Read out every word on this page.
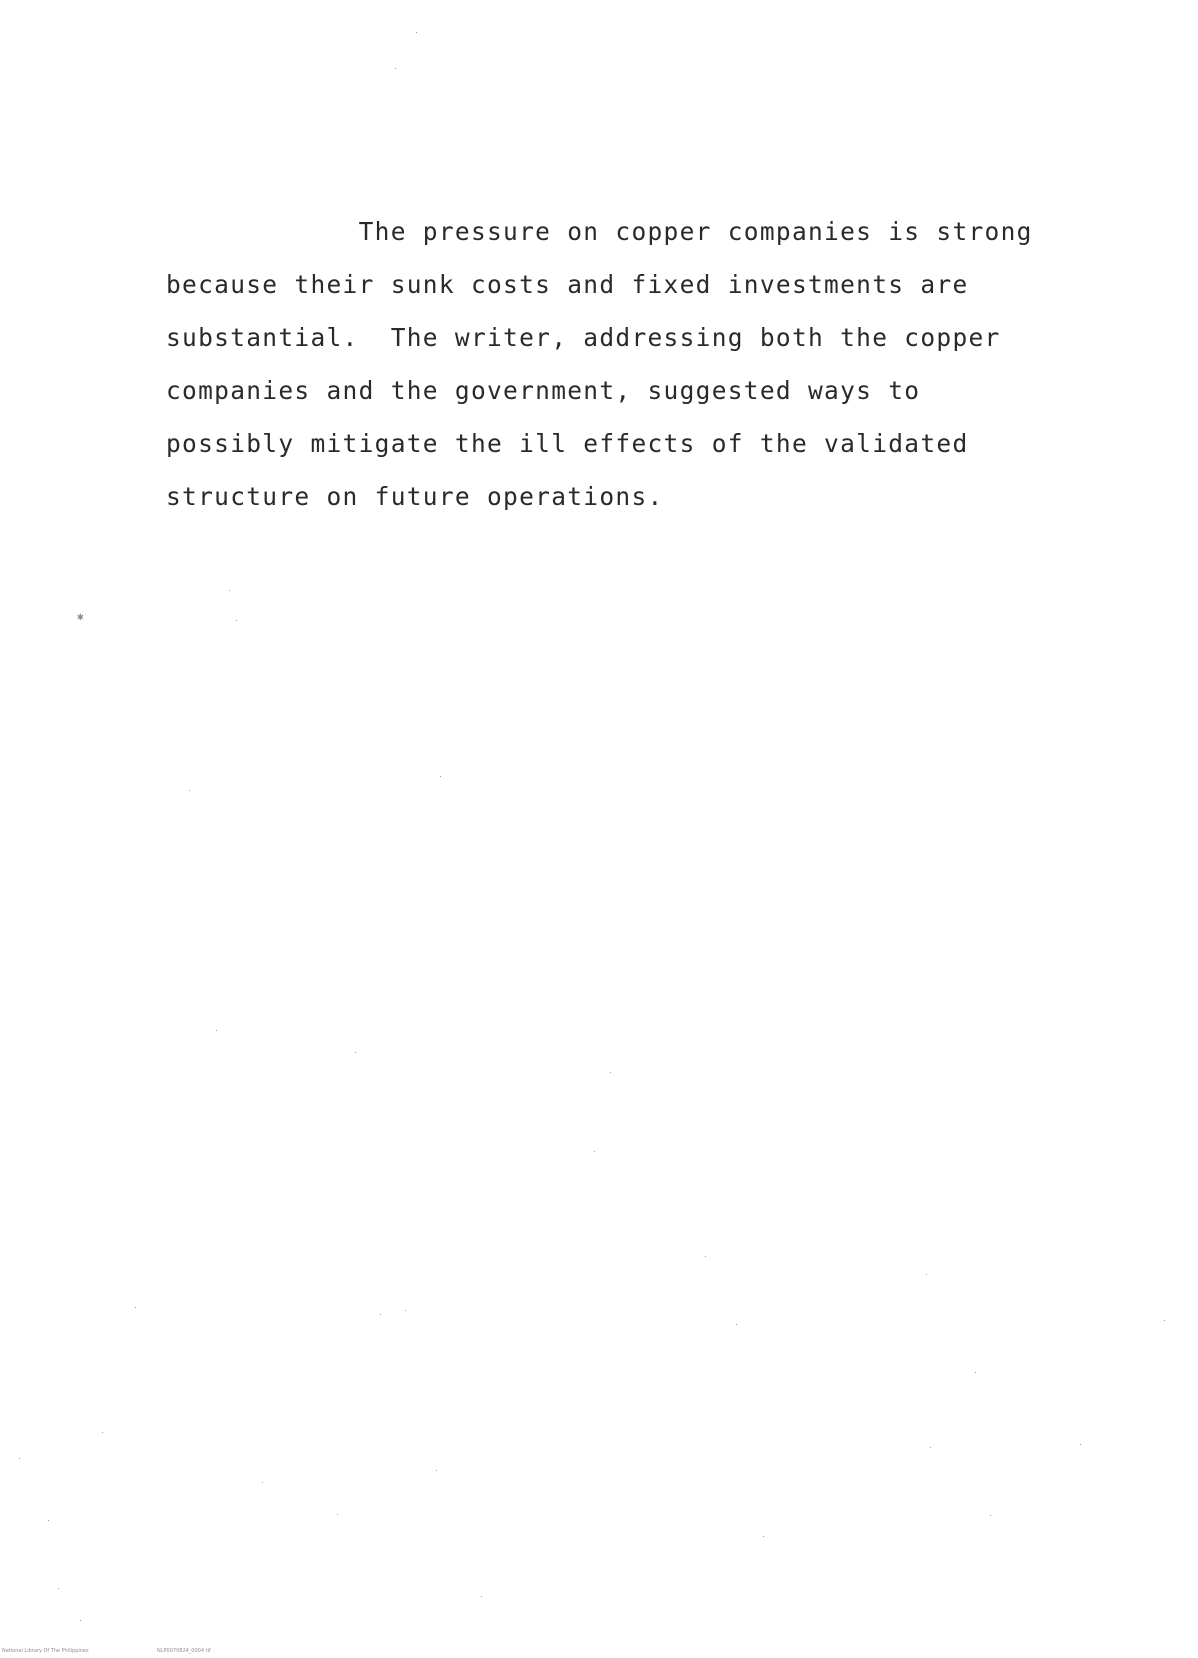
The pressure on copper companies is strong
because their sunk costs and fixed investments are
substantial.  The writer, addressing both the copper
companies and the government, suggested ways to
possibly mitigate the ill effects of the validated
structure on future operations.
✱
National Library Of The Philippines	NLP0070824_0004 tif
